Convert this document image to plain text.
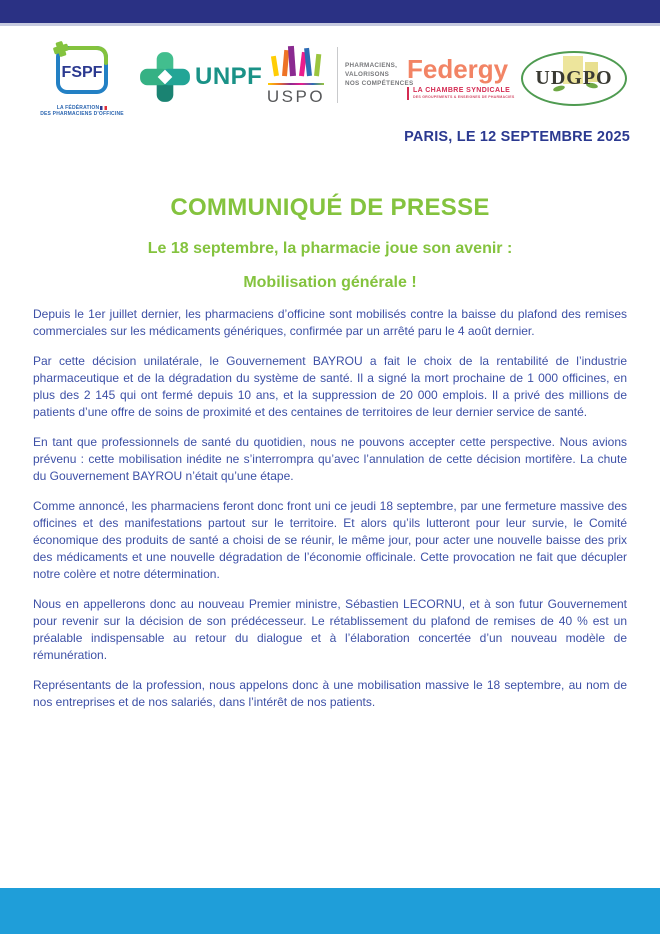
FSPF
LA FÉDÉRATION
DES PHARMACIENS D'OFFICINE
UNPF
USPO
PHARMACIENS,
VALORISONS
NOS COMPÉTENCES
Federgy
LA CHAMBRE SYNDICALE
DES GROUPEMENTS & ENSEIGNES DE PHARMACIES
UDGPO
PARIS, LE 12 SEPTEMBRE 2025
COMMUNIQUÉ DE PRESSE
Le 18 septembre, la pharmacie joue son avenir :
Mobilisation générale !

Depuis le 1er juillet dernier, les pharmaciens d’officine sont mobilisés contre la baisse du plafond des remises commerciales sur les médicaments génériques, confirmée par un arrêté paru le 4 août dernier.

Par cette décision unilatérale, le Gouvernement BAYROU a fait le choix de la rentabilité de l’industrie pharmaceutique et de la dégradation du système de santé. Il a signé la mort prochaine de 1 000 officines, en plus des 2 145 qui ont fermé depuis 10 ans, et la suppression de 20 000 emplois. Il a privé des millions de patients d’une offre de soins de proximité et des centaines de territoires de leur dernier service de santé.

En tant que professionnels de santé du quotidien, nous ne pouvons accepter cette perspective. Nous avions prévenu : cette mobilisation inédite ne s’interrompra qu’avec l’annulation de cette décision mortifère. La chute du Gouvernement BAYROU n’était qu’une étape.

Comme annoncé, les pharmaciens feront donc front uni ce jeudi 18 septembre, par une fermeture massive des officines et des manifestations partout sur le territoire. Et alors qu’ils lutteront pour leur survie, le Comité économique des produits de santé a choisi de se réunir, le même jour, pour acter une nouvelle baisse des prix des médicaments et une nouvelle dégradation de l’économie officinale. Cette provocation ne fait que décupler notre colère et notre détermination.

Nous en appellerons donc au nouveau Premier ministre, Sébastien LECORNU, et à son futur Gouvernement pour revenir sur la décision de son prédécesseur. Le rétablissement du plafond de remises de 40 % est un préalable indispensable au retour du dialogue et à l’élaboration concertée d’un nouveau modèle de rémunération.

Représentants de la profession, nous appelons donc à une mobilisation massive le 18 septembre, au nom de nos entreprises et de nos salariés, dans l’intérêt de nos patients.
